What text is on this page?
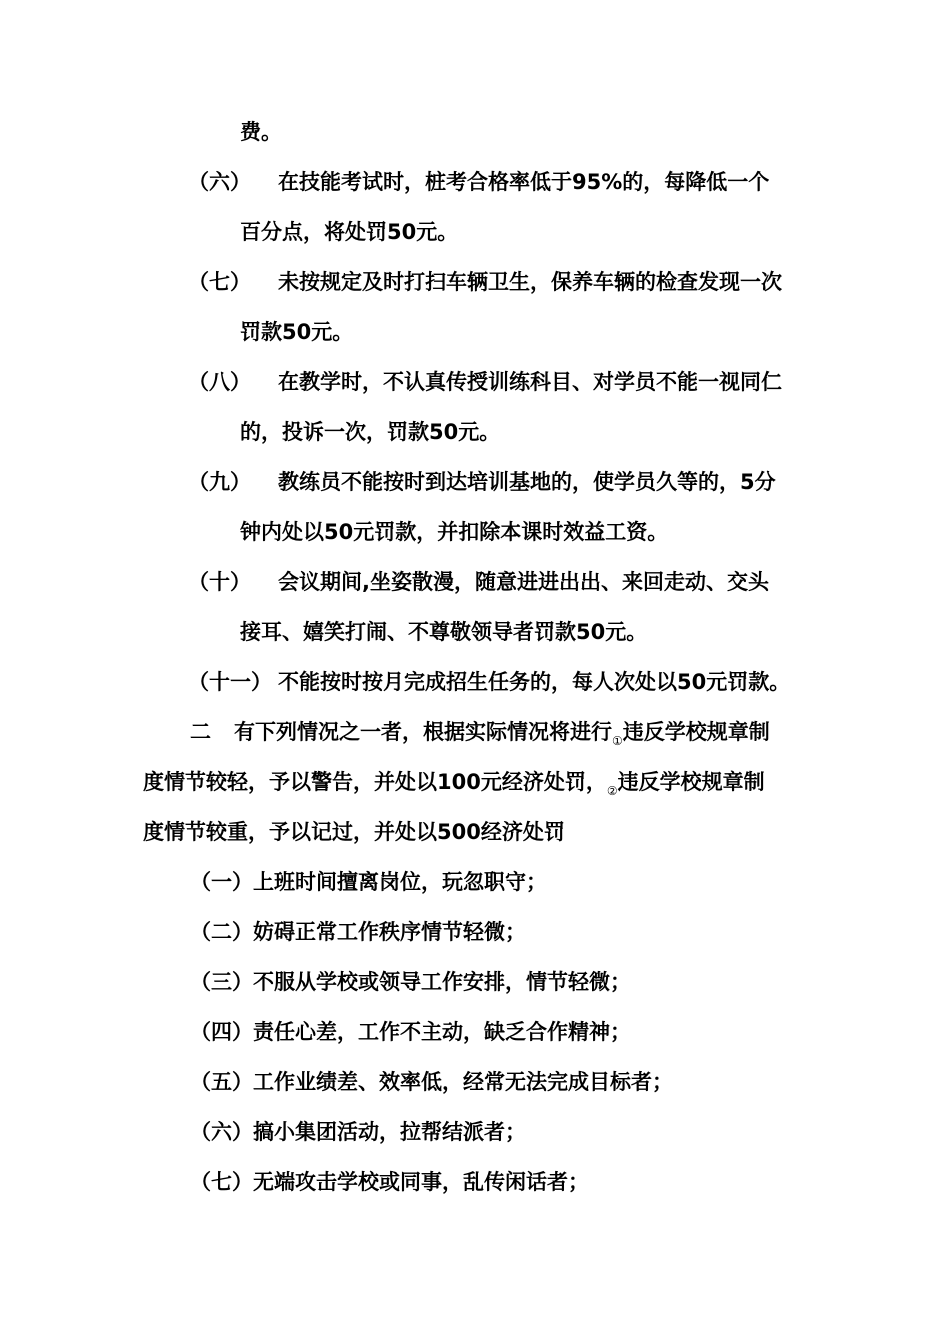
费。
（六） 在技能考试时，桩考合格率低于95%的，每降低一个
百分点，将处罚50元。
（七） 未按规定及时打扫车辆卫生，保养车辆的检查发现一次
罚款50元。
（八） 在教学时，不认真传授训练科目、对学员不能一视同仁
的，投诉一次，罚款50元。
（九） 教练员不能按时到达培训基地的，使学员久等的，5分
钟内处以50元罚款，并扣除本课时效益工资。
（十） 会议期间,坐姿散漫，随意进进出出、来回走动、交头
接耳、嬉笑打闹、不尊敬领导者罚款50元。
（十一） 不能按时按月完成招生任务的，每人次处以50元罚款。
二 有下列情况之一者，根据实际情况将进行$_①$违反学校规章制
度情节较轻，予以警告，并处以100元经济处罚，$_②$违反学校规章制
度情节较重，予以记过，并处以500经济处罚
（一）上班时间擅离岗位，玩忽职守；
（二）妨碍正常工作秩序情节轻微；
（三）不服从学校或领导工作安排，情节轻微；
（四）责任心差，工作不主动，缺乏合作精神；
（五）工作业绩差、效率低，经常无法完成目标者；
（六）搞小集团活动，拉帮结派者；
（七）无端攻击学校或同事，乱传闲话者；
